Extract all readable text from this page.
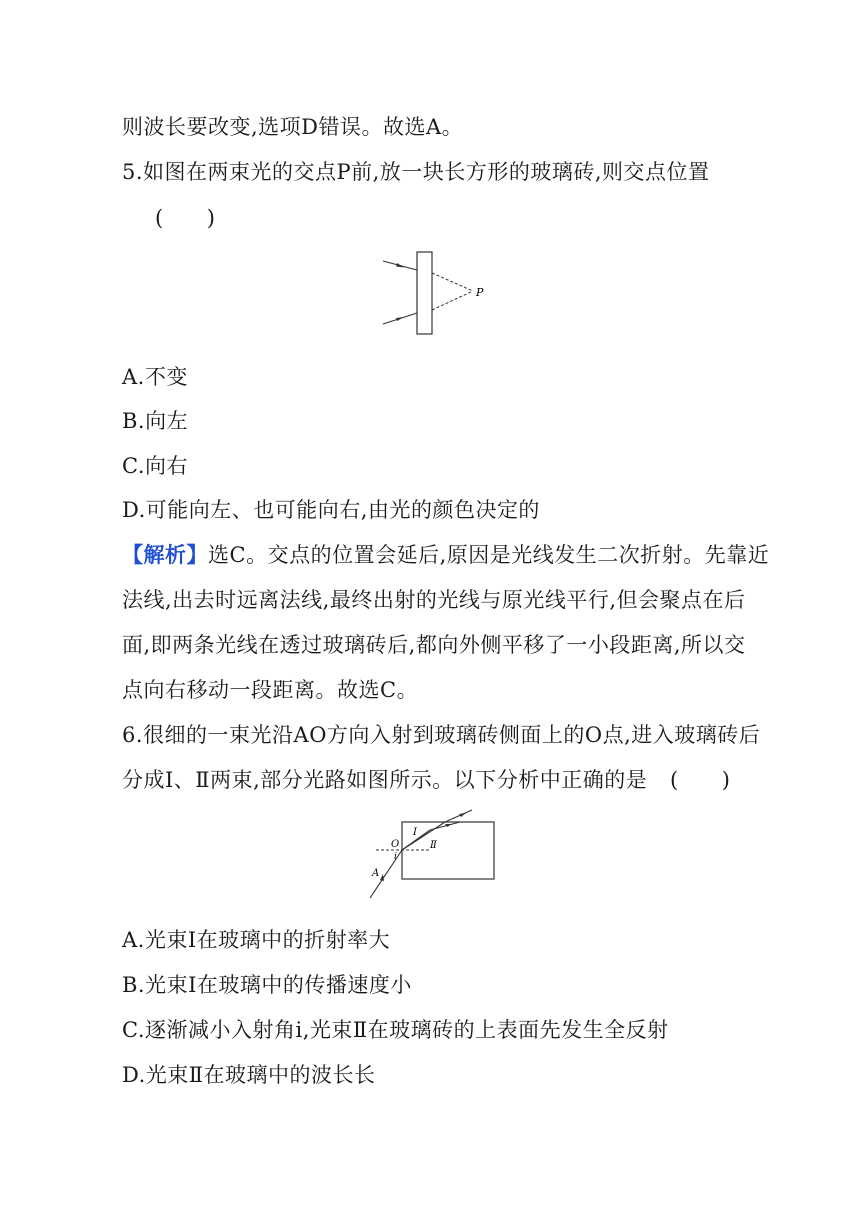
则波长要改变,选项D错误。故选A。
5.如图在两束光的交点P前,放一块长方形的玻璃砖,则交点位置
(　　)
P
A.不变
B.向左
C.向右
D.可能向左、也可能向右,由光的颜色决定的
【解析】选C。交点的位置会延后,原因是光线发生二次折射。先靠近
法线,出去时远离法线,最终出射的光线与原光线平行,但会聚点在后
面,即两条光线在透过玻璃砖后,都向外侧平移了一小段距离,所以交
点向右移动一段距离。故选C。
6.很细的一束光沿AO方向入射到玻璃砖侧面上的O点,进入玻璃砖后
分成Ⅰ、Ⅱ两束,部分光路如图所示。以下分析中正确的是 (　　)
Ⅰ
Ⅱ
O
i
A
A.光束Ⅰ在玻璃中的折射率大
B.光束Ⅰ在玻璃中的传播速度小
C.逐渐减小入射角i,光束Ⅱ在玻璃砖的上表面先发生全反射
D.光束Ⅱ在玻璃中的波长长
